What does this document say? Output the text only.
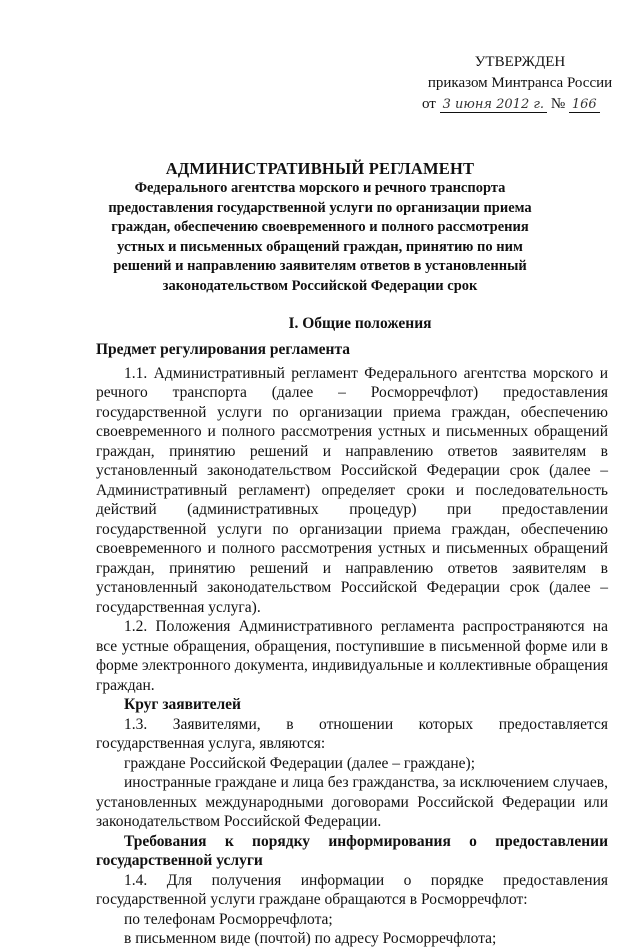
УТВЕРЖДЕН
приказом Минтранса России
от 3 июня 2012 г. № 166
АДМИНИСТРАТИВНЫЙ РЕГЛАМЕНТ
Федерального агентства морского и речного транспорта
предоставления государственной услуги по организации приема
граждан, обеспечению своевременного и полного рассмотрения
устных и письменных обращений граждан, принятию по ним
решений и направлению заявителям ответов в установленный
законодательством Российской Федерации срок
I. Общие положения

Предмет регулирования регламента

1.1. Административный регламент Федерального агентства морского и речного транспорта (далее – Росморречфлот) предоставления государственной услуги по организации приема граждан, обеспечению своевременного и полного рассмотрения устных и письменных обращений граждан, принятию решений и направлению ответов заявителям в установленный законодательством Российской Федерации срок (далее – Административный регламент) определяет сроки и последовательность действий (административных процедур) при предоставлении государственной услуги по организации приема граждан, обеспечению своевременного и полного рассмотрения устных и письменных обращений граждан, принятию решений и направлению ответов заявителям в установленный законодательством Российской Федерации срок (далее – государственная услуга).

1.2. Положения Административного регламента распространяются на все устные обращения, обращения, поступившие в письменной форме или в форме электронного документа, индивидуальные и коллективные обращения граждан.

Круг заявителей

1.3. Заявителями, в отношении которых предоставляется государственная услуга, являются:

граждане Российской Федерации (далее – граждане);

иностранные граждане и лица без гражданства, за исключением случаев, установленных международными договорами Российской Федерации или законодательством Российской Федерации.

Требования к порядку информирования о предоставлении государственной услуги

1.4. Для получения информации о порядке предоставления государственной услуги граждане обращаются в Росморречфлот:

по телефонам Росморречфлота;

в письменном виде (почтой) по адресу Росморречфлота;
